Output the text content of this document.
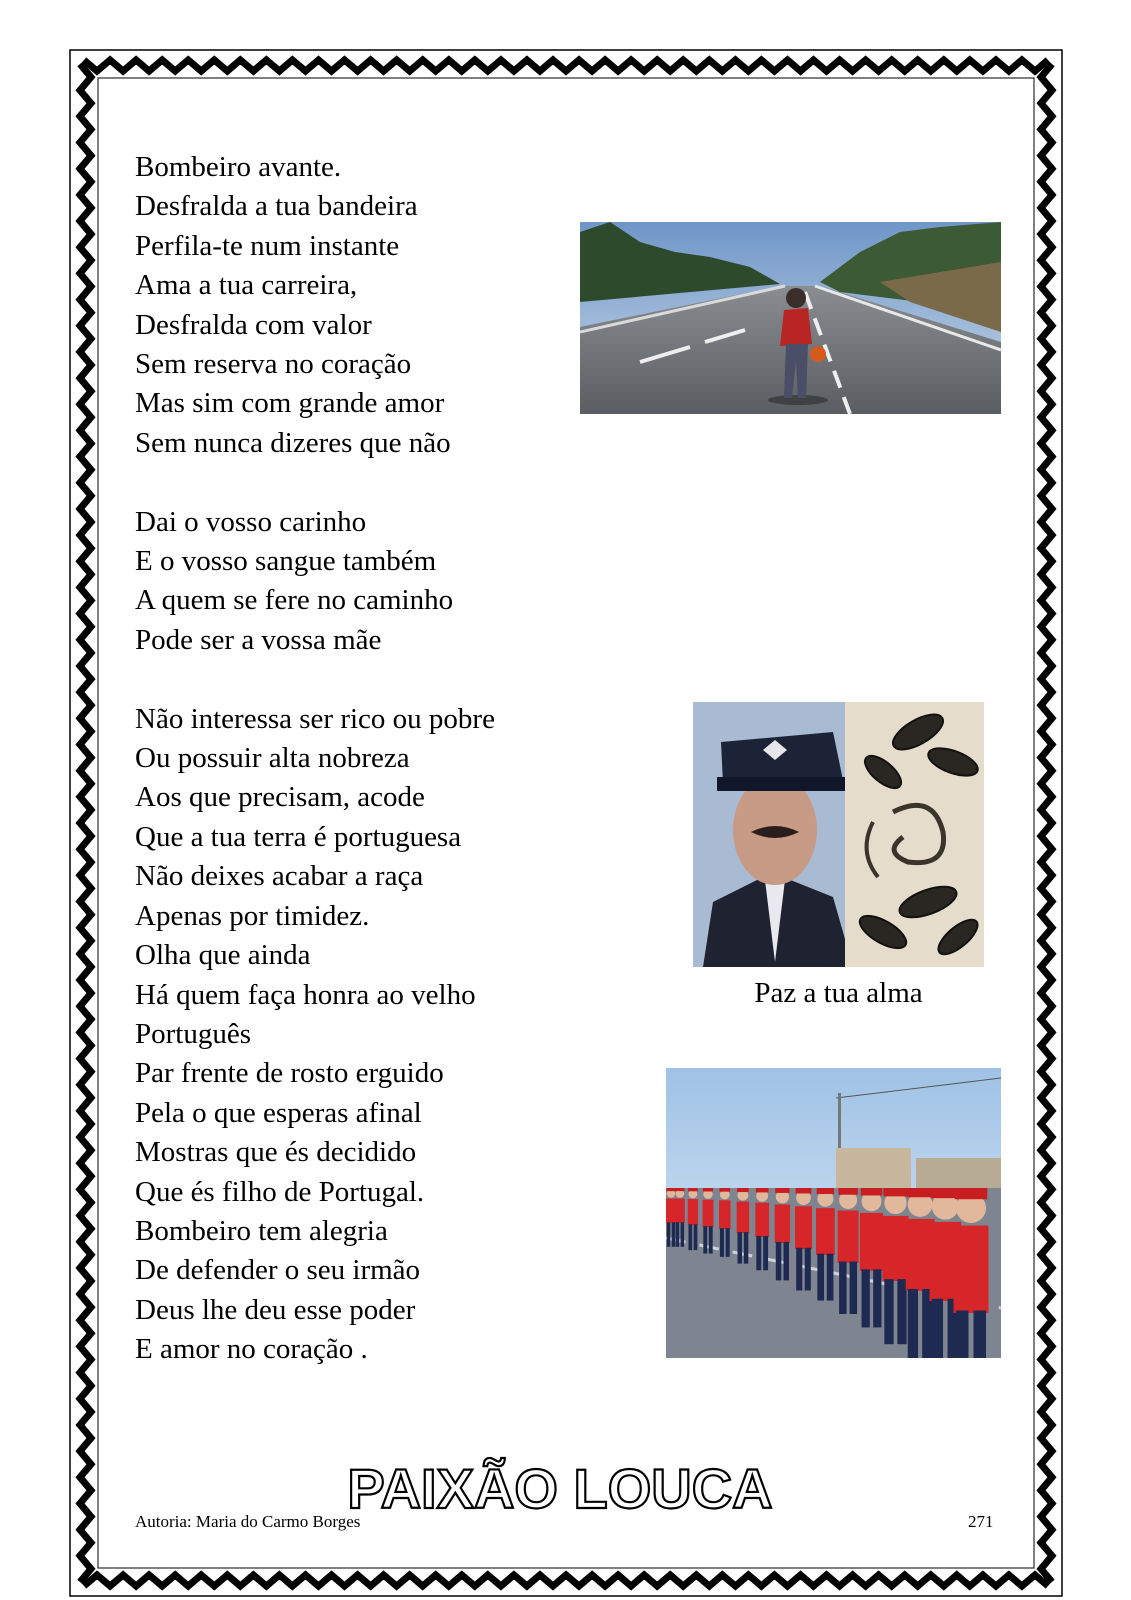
Bombeiro avante.
Desfralda a tua bandeira
Perfila-te num instante
Ama a tua carreira,
Desfralda com valor
Sem reserva no coração
Mas sim com grande amor
Sem nunca dizeres que não
Dai o vosso carinho
E o vosso sangue também
A quem se fere no caminho
Pode ser a vossa mãe
Não interessa ser rico ou pobre
Ou possuir alta nobreza
Aos que precisam, acode
Que a tua terra é portuguesa
Não deixes acabar a raça
Apenas por timidez.
Olha que ainda
Há quem faça honra ao velho
Português
Par frente de rosto erguido
Pela o que esperas afinal
Mostras que és decidido
Que és filho de Portugal.
Bombeiro tem alegria
De defender o seu irmão
Deus lhe deu esse poder
E amor no coração .
Paz a tua alma
PAIXÃO LOUCA
Autoria: Maria do Carmo Borges	271
